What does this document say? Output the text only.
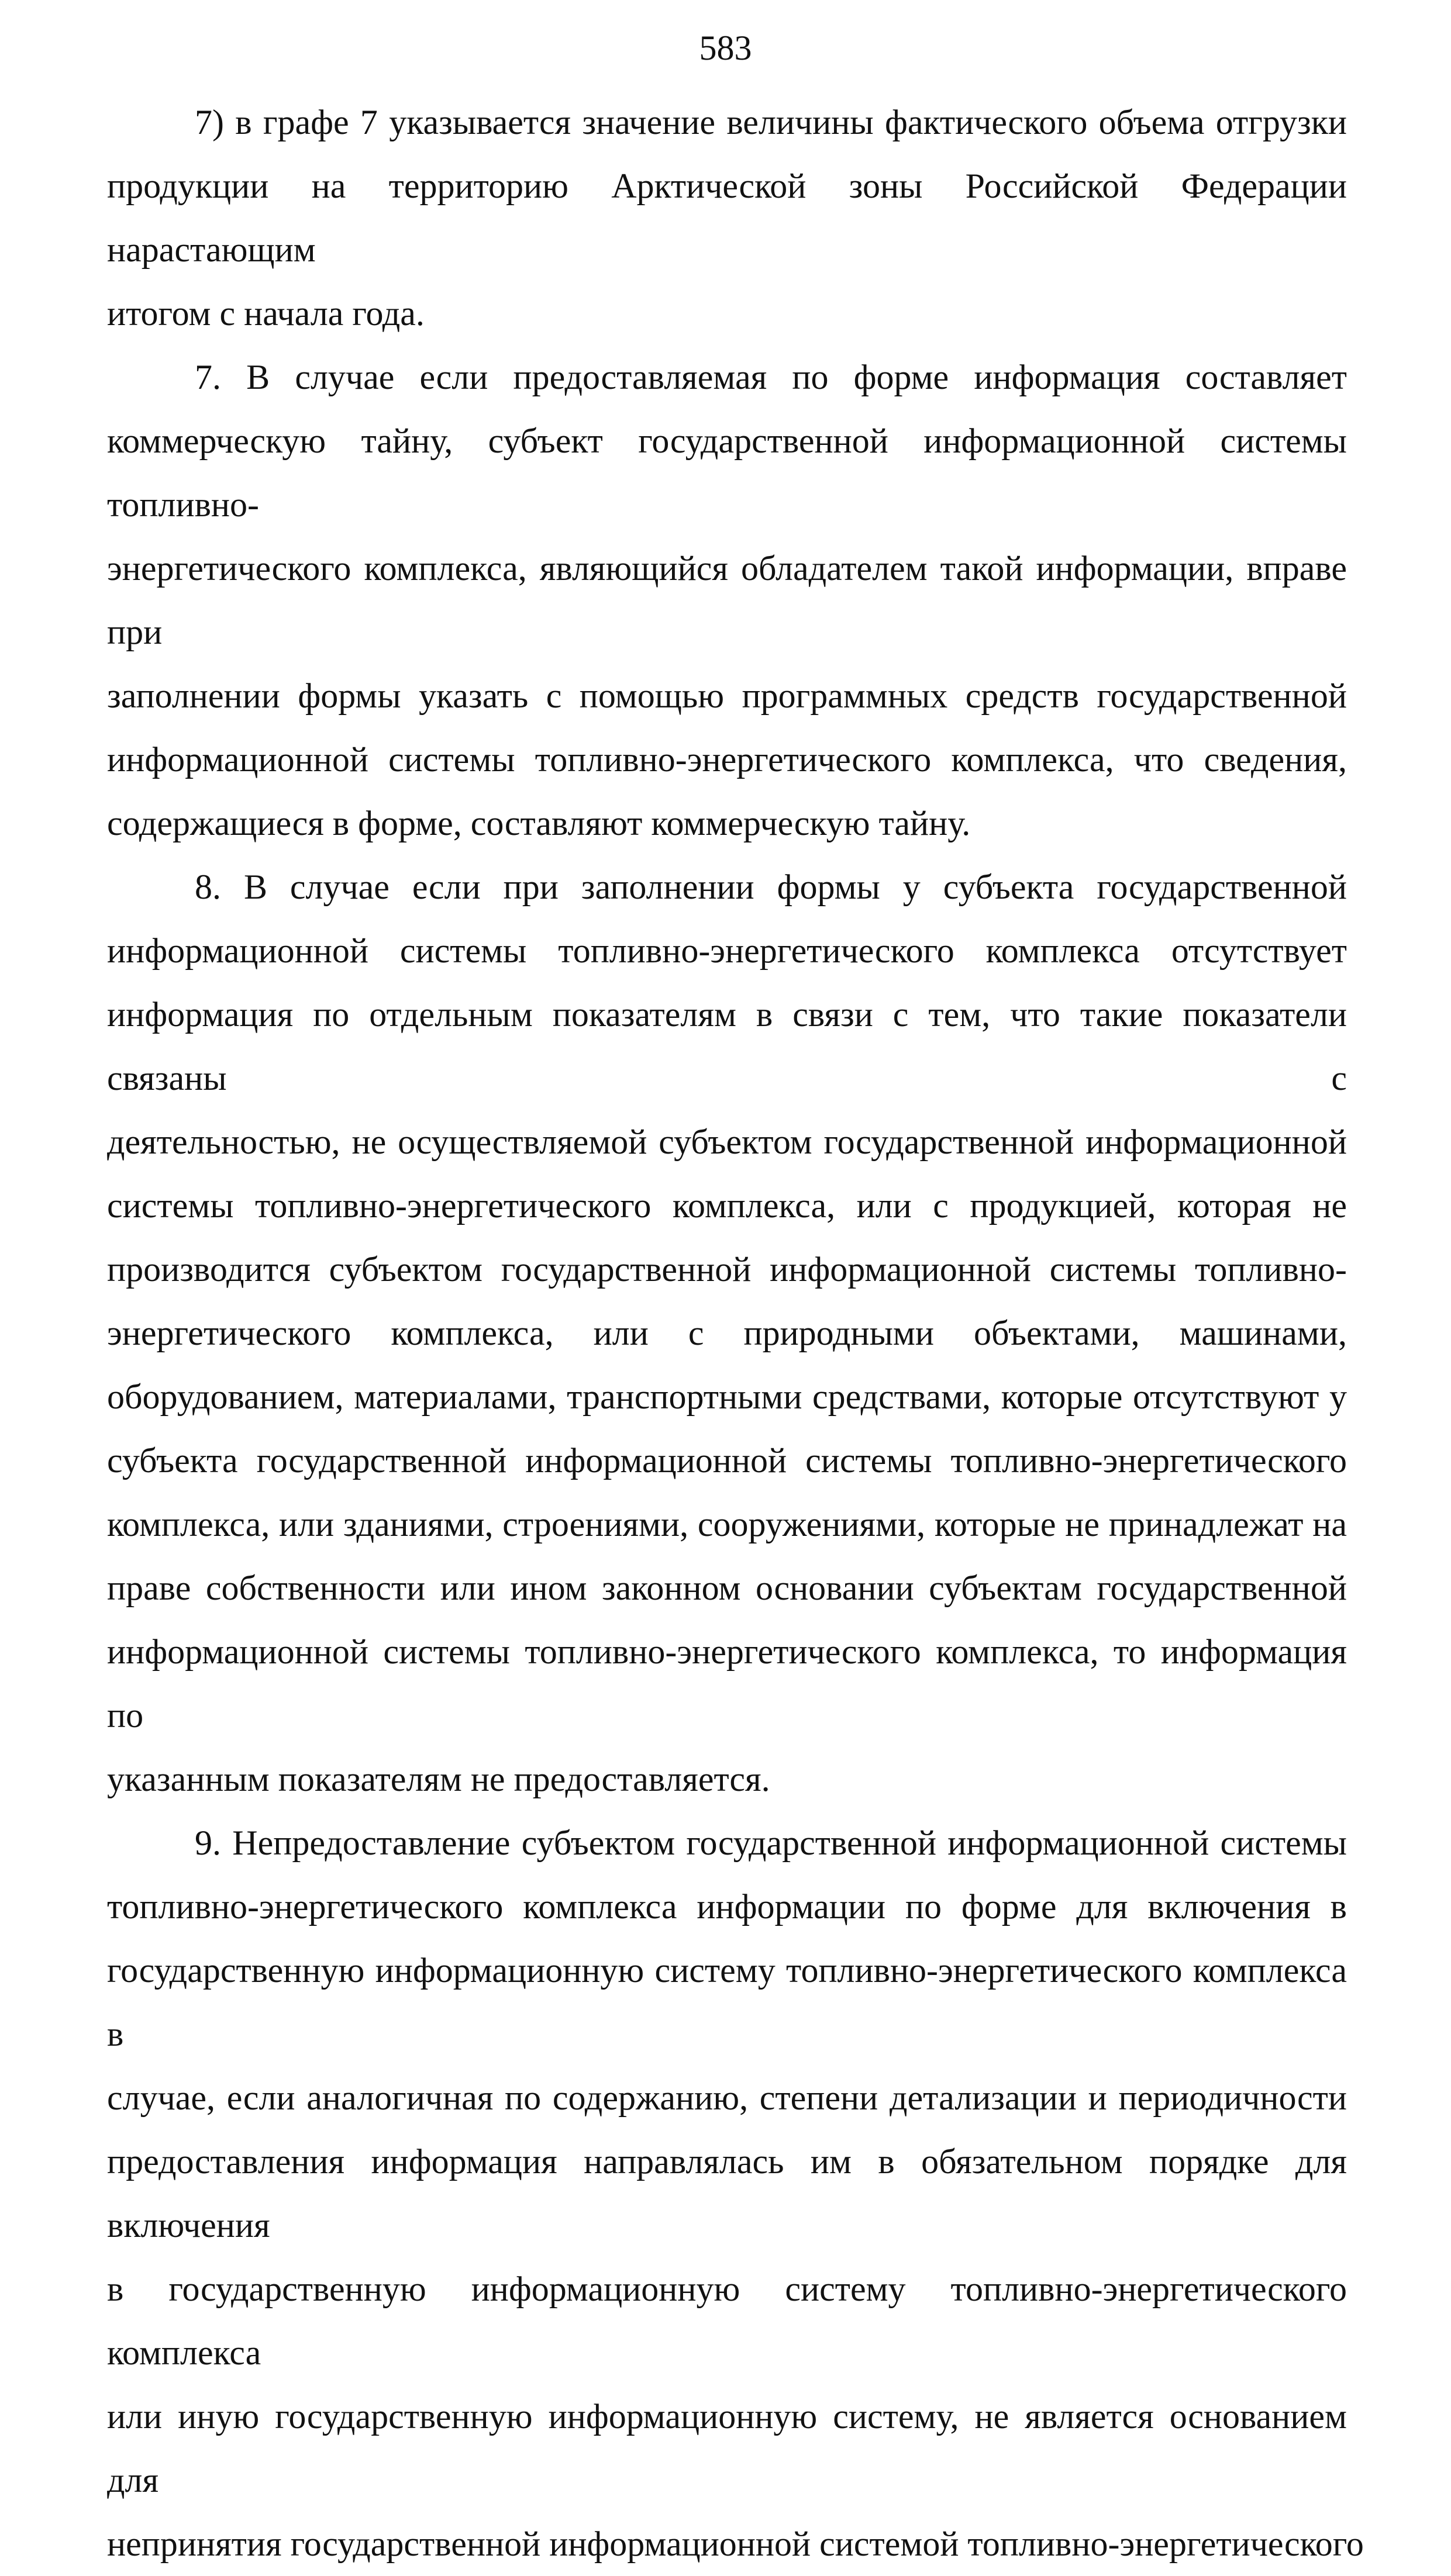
583
7) в графе 7 указывается значение величины фактического объема отгрузки
продукции на территорию Арктической зоны Российской Федерации нарастающим
итогом с начала года.
7. В случае если предоставляемая по форме информация составляет
коммерческую тайну, субъект государственной информационной системы топливно-
энергетического комплекса, являющийся обладателем такой информации, вправе при
заполнении формы указать с помощью программных средств государственной
информационной системы топливно-энергетического комплекса, что сведения,
содержащиеся в форме, составляют коммерческую тайну.
8. В случае если при заполнении формы у субъекта государственной
информационной системы топливно-энергетического комплекса отсутствует
информация по отдельным показателям в связи с тем, что такие показатели связаны с
деятельностью, не осуществляемой субъектом государственной информационной
системы топливно-энергетического комплекса, или с продукцией, которая не
производится субъектом государственной информационной системы топливно-
энергетического комплекса, или с природными объектами, машинами,
оборудованием, материалами, транспортными средствами, которые отсутствуют у
субъекта государственной информационной системы топливно-энергетического
комплекса, или зданиями, строениями, сооружениями, которые не принадлежат на
праве собственности или ином законном основании субъектам государственной
информационной системы топливно-энергетического комплекса, то информация по
указанным показателям не предоставляется.
9. Непредоставление субъектом государственной информационной системы
топливно-энергетического комплекса информации по форме для включения в
государственную информационную систему топливно-энергетического комплекса в
случае, если аналогичная по содержанию, степени детализации и периодичности
предоставления информация направлялась им в обязательном порядке для включения
в государственную информационную систему топливно-энергетического комплекса
или иную государственную информационную систему, не является основанием для
непринятия государственной информационной системой топливно-энергетического
